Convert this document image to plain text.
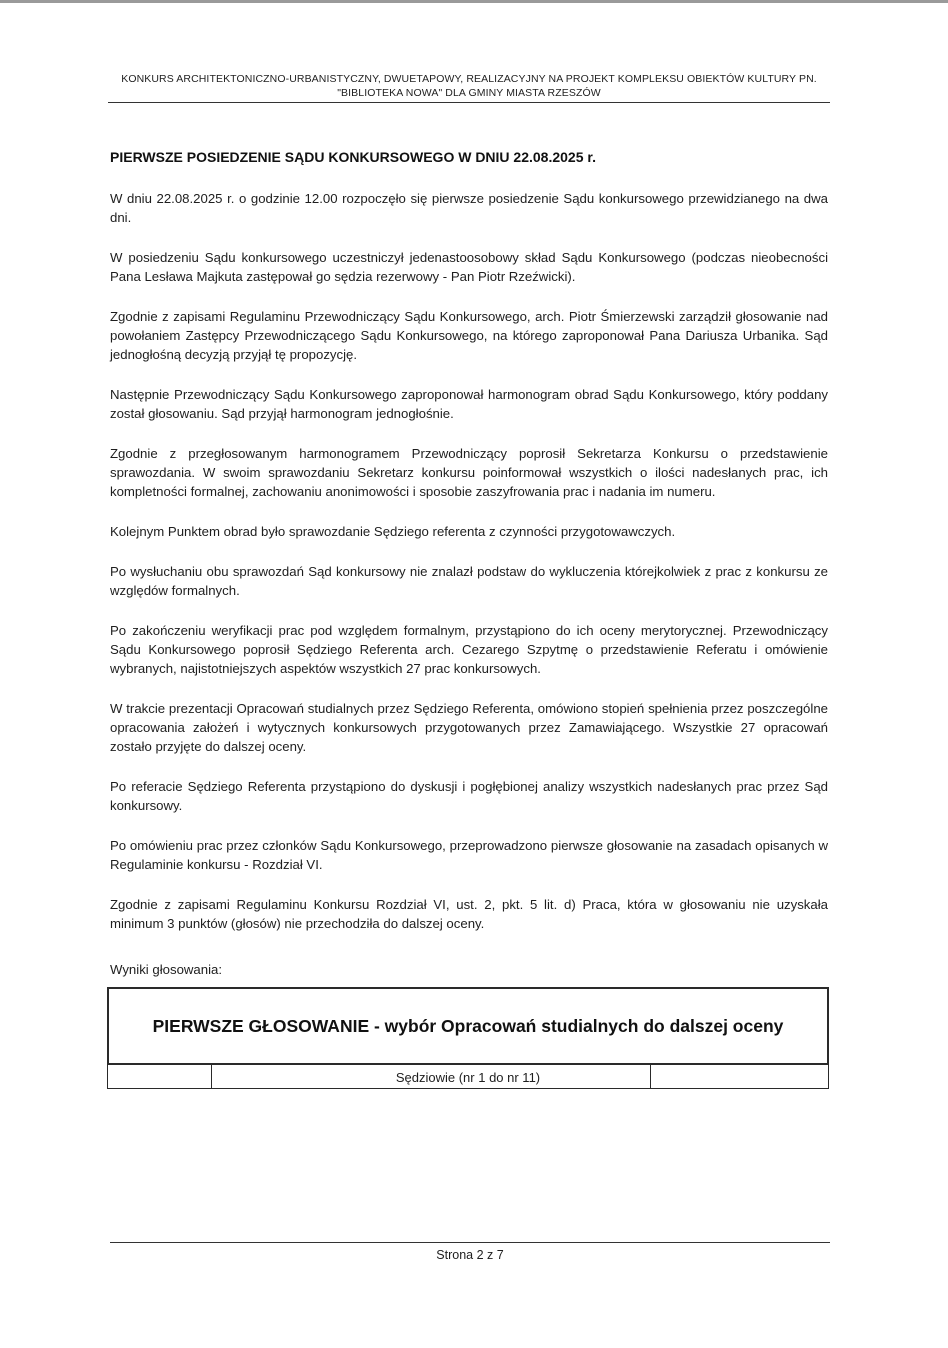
KONKURS ARCHITEKTONICZNO-URBANISTYCZNY, DWUETAPOWY, REALIZACYJNY NA PROJEKT KOMPLEKSU OBIEKTÓW KULTURY PN.
"BIBLIOTEKA NOWA" DLA GMINY MIASTA RZESZÓW
PIERWSZE POSIEDZENIE SĄDU KONKURSOWEGO W DNIU 22.08.2025 r.

W dniu 22.08.2025 r. o godzinie 12.00 rozpoczęło się pierwsze posiedzenie Sądu konkursowego przewidzianego na dwa dni.

W posiedzeniu Sądu konkursowego uczestniczył jedenastoosobowy skład Sądu Konkursowego (podczas nieobecności Pana Lesława Majkuta zastępował go sędzia rezerwowy - Pan Piotr Rzeźwicki).

Zgodnie z zapisami Regulaminu Przewodniczący Sądu Konkursowego, arch. Piotr Śmierzewski zarządził głosowanie nad powołaniem Zastępcy Przewodniczącego Sądu Konkursowego, na którego zaproponował Pana Dariusza Urbanika. Sąd jednogłośną decyzją przyjął tę propozycję.

Następnie Przewodniczący Sądu Konkursowego zaproponował harmonogram obrad Sądu Konkursowego, który poddany został głosowaniu. Sąd przyjął harmonogram jednogłośnie.

Zgodnie z przegłosowanym harmonogramem Przewodniczący poprosił Sekretarza Konkursu o przedstawienie sprawozdania. W swoim sprawozdaniu Sekretarz konkursu poinformował wszystkich o ilości nadesłanych prac, ich kompletności formalnej, zachowaniu anonimowości i sposobie zaszyfrowania prac i nadania im numeru.

Kolejnym Punktem obrad było sprawozdanie Sędziego referenta z czynności przygotowawczych.

Po wysłuchaniu obu sprawozdań Sąd konkursowy nie znalazł podstaw do wykluczenia którejkolwiek z prac z konkursu ze względów formalnych.

Po zakończeniu weryfikacji prac pod względem formalnym, przystąpiono do ich oceny merytorycznej. Przewodniczący Sądu Konkursowego poprosił Sędziego Referenta arch. Cezarego Szpytmę o przedstawienie Referatu i omówienie wybranych, najistotniejszych aspektów wszystkich 27 prac konkursowych.

W trakcie prezentacji Opracowań studialnych przez Sędziego Referenta, omówiono stopień spełnienia przez poszczególne opracowania założeń i wytycznych konkursowych przygotowanych przez Zamawiającego. Wszystkie 27 opracowań zostało przyjęte do dalszej oceny.

Po referacie Sędziego Referenta przystąpiono do dyskusji i pogłębionej analizy wszystkich nadesłanych prac przez Sąd konkursowy.

Po omówieniu prac przez członków Sądu Konkursowego, przeprowadzono pierwsze głosowanie na zasadach opisanych w Regulaminie konkursu - Rozdział VI.

Zgodnie z zapisami Regulaminu Konkursu Rozdział VI, ust. 2, pkt. 5 lit. d) Praca, która w głosowaniu nie uzyskała minimum 3 punktów (głosów) nie przechodziła do dalszej oceny.

Wyniki głosowania:
PIERWSZE GŁOSOWANIE - wybór Opracowań studialnych do dalszej oceny
Sędziowie (nr 1 do nr 11)
Strona 2 z 7
